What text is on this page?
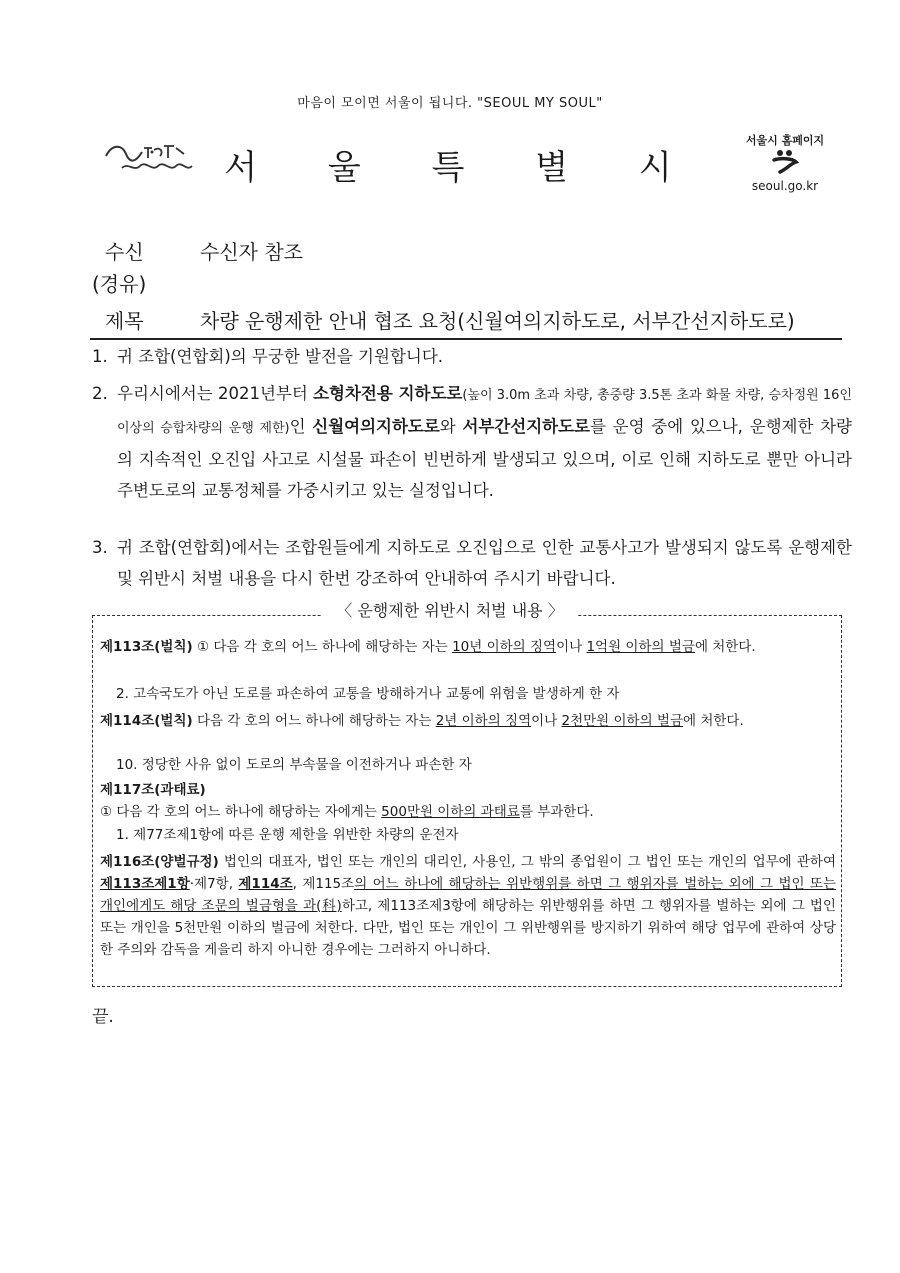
마음이 모이면 서울이 됩니다. "SEOUL MY SOUL"
서 울 특 별 시
서울시 홈페이지
seoul.go.kr
수신	수신자 참조
(경유)
제목	차량 운행제한 안내 협조 요청(신월여의지하도로, 서부간선지하도로)
1. 귀 조합(연합회)의 무궁한 발전을 기원합니다.
2. 우리시에서는 2021년부터 소형차전용 지하도로(높이 3.0m 초과 차량, 총중량 3.5톤 초과 화물 차량, 승차정원 16인 이상의 승합차량의 운행 제한)인 신월여의지하도로와 서부간선지하도로를 운영 중에 있으나, 운행제한 차량의 지속적인 오진입 사고로 시설물 파손이 빈번하게 발생되고 있으며, 이로 인해 지하도로 뿐만 아니라 주변도로의 교통정체를 가중시키고 있는 실정입니다.
3. 귀 조합(연합회)에서는 조합원들에게 지하도로 오진입으로 인한 교통사고가 발생되지 않도록 운행제한 및 위반시 처벌 내용을 다시 한번 강조하여 안내하여 주시기 바랍니다.
〈 운행제한 위반시 처벌 내용 〉
제113조(벌칙) ① 다음 각 호의 어느 하나에 해당하는 자는 10년 이하의 징역이나 1억원 이하의 벌금에 처한다.
2. 고속국도가 아닌 도로를 파손하여 교통을 방해하거나 교통에 위험을 발생하게 한 자
제114조(벌칙) 다음 각 호의 어느 하나에 해당하는 자는 2년 이하의 징역이나 2천만원 이하의 벌금에 처한다.
10. 정당한 사유 없이 도로의 부속물을 이전하거나 파손한 자
제117조(과태료)
① 다음 각 호의 어느 하나에 해당하는 자에게는 500만원 이하의 과태료를 부과한다.
1. 제77조제1항에 따른 운행 제한을 위반한 차량의 운전자
제116조(양벌규정) 법인의 대표자, 법인 또는 개인의 대리인, 사용인, 그 밖의 종업원이 그 법인 또는 개인의 업무에 관하여 제113조제1항·제7항, 제114조, 제115조의 어느 하나에 해당하는 위반행위를 하면 그 행위자를 벌하는 외에 그 법인 또는 개인에게도 해당 조문의 벌금형을 과(科)하고, 제113조제3항에 해당하는 위반행위를 하면 그 행위자를 벌하는 외에 그 법인 또는 개인을 5천만원 이하의 벌금에 처한다. 다만, 법인 또는 개인이 그 위반행위를 방지하기 위하여 해당 업무에 관하여 상당한 주의와 감독을 게을리 하지 아니한 경우에는 그러하지 아니하다.
끝.
